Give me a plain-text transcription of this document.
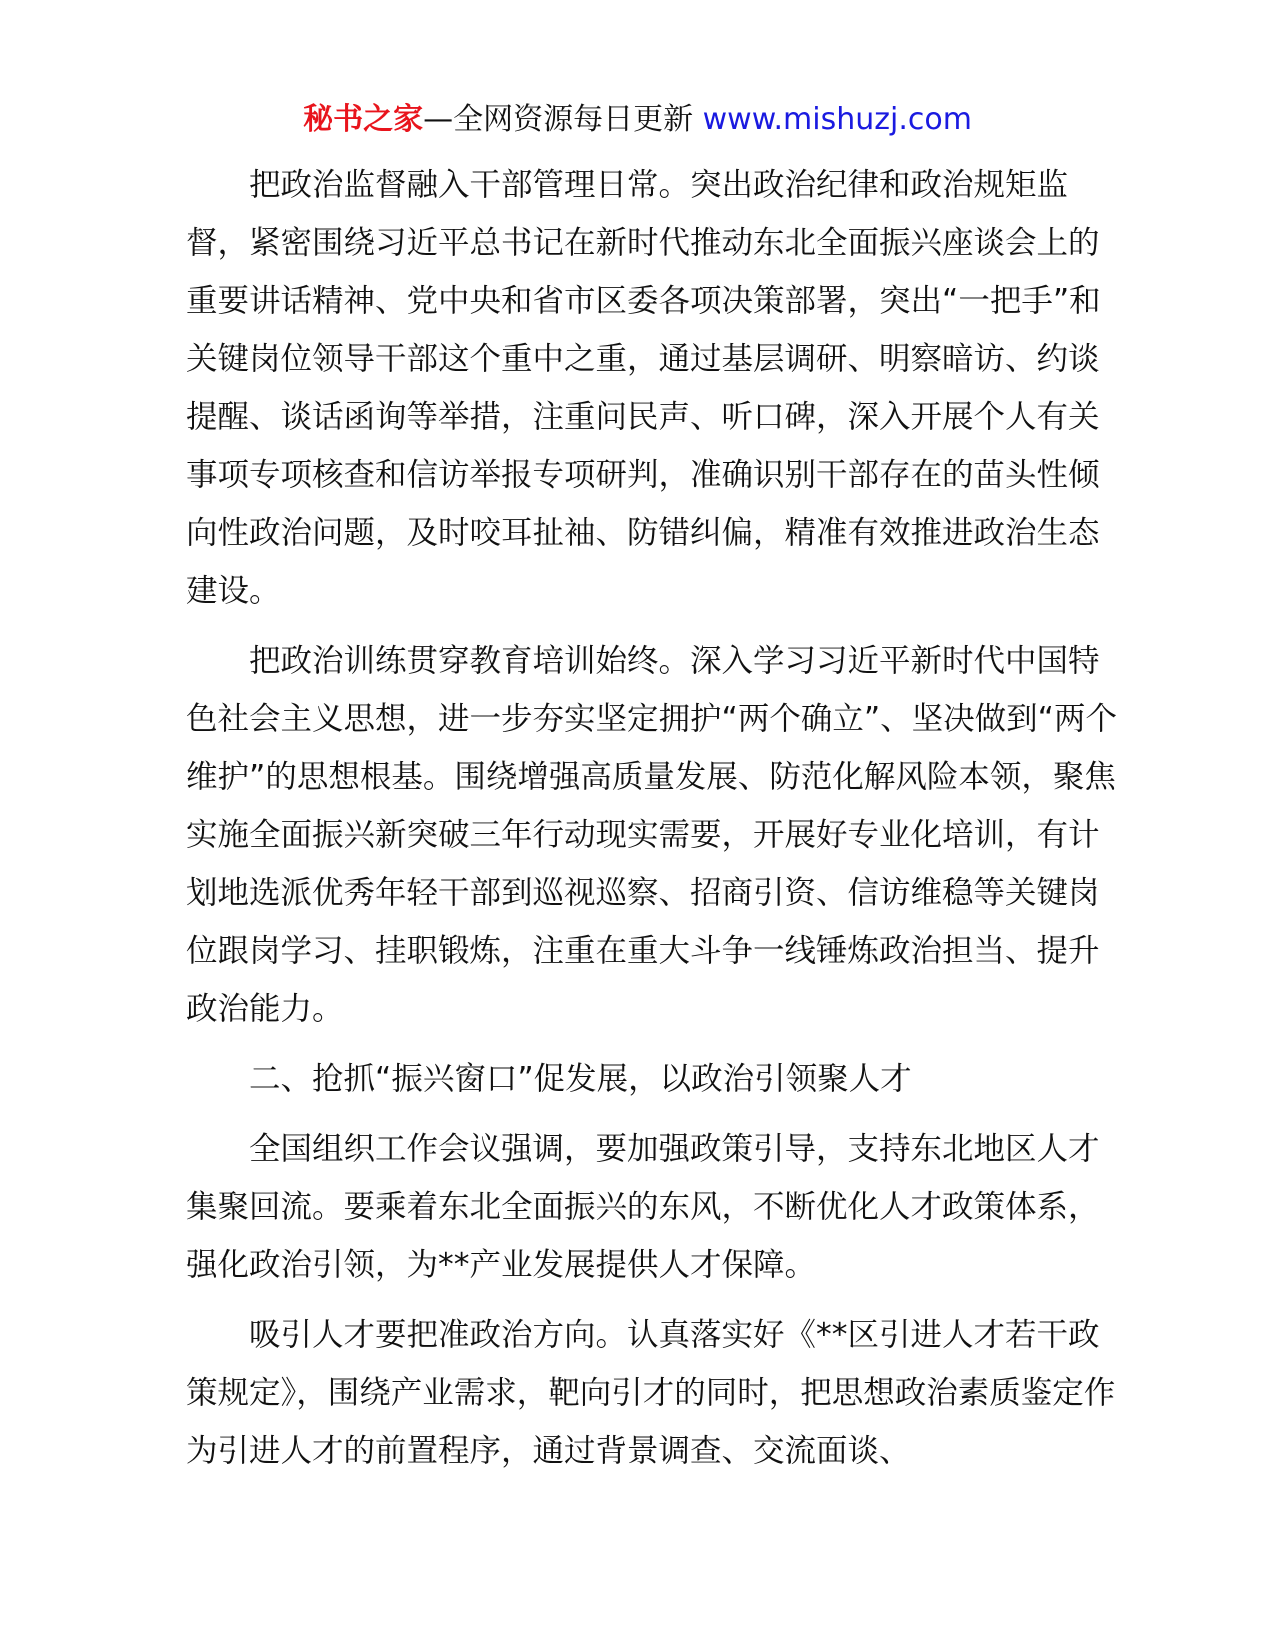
秘书之家—全网资源每日更新 www.mishuzj.com

把政治监督融入干部管理日常。突出政治纪律和政治规矩监督，紧密围绕习近平总书记在新时代推动东北全面振兴座谈会上的重要讲话精神、党中央和省市区委各项决策部署，突出“一把手”和关键岗位领导干部这个重中之重，通过基层调研、明察暗访、约谈提醒、谈话函询等举措，注重问民声、听口碑，深入开展个人有关事项专项核查和信访举报专项研判，准确识别干部存在的苗头性倾向性政治问题，及时咬耳扯袖、防错纠偏，精准有效推进政治生态建设。

把政治训练贯穿教育培训始终。深入学习习近平新时代中国特色社会主义思想，进一步夯实坚定拥护“两个确立”、坚决做到“两个维护”的思想根基。围绕增强高质量发展、防范化解风险本领，聚焦实施全面振兴新突破三年行动现实需要，开展好专业化培训，有计划地选派优秀年轻干部到巡视巡察、招商引资、信访维稳等关键岗位跟岗学习、挂职锻炼，注重在重大斗争一线锤炼政治担当、提升政治能力。

二、抢抓“振兴窗口”促发展，以政治引领聚人才

全国组织工作会议强调，要加强政策引导，支持东北地区人才集聚回流。要乘着东北全面振兴的东风，不断优化人才政策体系，强化政治引领，为**产业发展提供人才保障。

吸引人才要把准政治方向。认真落实好《**区引进人才若干政策规定》，围绕产业需求，靶向引才的同时，把思想政治素质鉴定作为引进人才的前置程序，通过背景调查、交流面谈、
